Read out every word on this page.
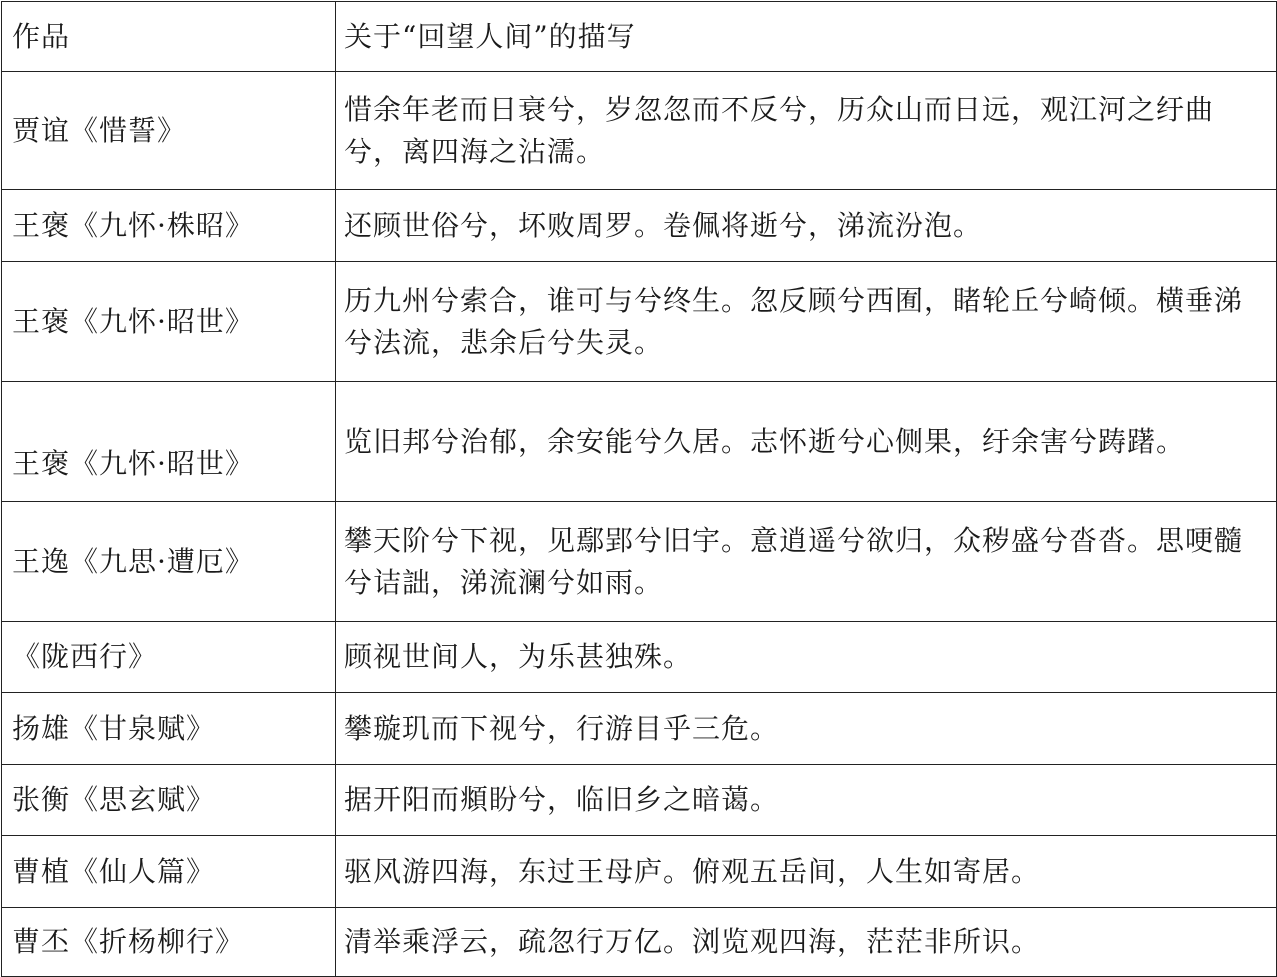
作品	关于“回望人间”的描写
贾谊《惜誓》	惜余年老而日衰兮，岁忽忽而不反兮，历众山而日远，观江河之纡曲兮，离四海之沾濡。
王褒《九怀·株昭》	还顾世俗兮，坏败周罗。卷佩将逝兮，涕流汾泡。
王褒《九怀·昭世》	历九州兮索合，谁可与兮终生。忽反顾兮西囿，睹轮丘兮崎倾。横垂涕兮法流，悲余后兮失灵。
王褒《九怀·昭世》	览旧邦兮治郁，余安能兮久居。志怀逝兮心侧果，纡余害兮踌躇。
王逸《九思·遭厄》	攀天阶兮下视，见鄢郢兮旧宇。意逍遥兮欲归，众秽盛兮沓沓。思哽髓兮诘詘，涕流澜兮如雨。
《陇西行》	顾视世间人，为乐甚独殊。
扬雄《甘泉赋》	攀璇玑而下视兮，行游目乎三危。
张衡《思玄赋》	据开阳而頫盼兮，临旧乡之暗蔼。
曹植《仙人篇》	驱风游四海，东过王母庐。俯观五岳间，人生如寄居。
曹丕《折杨柳行》	清举乘浮云，疏忽行万亿。浏览观四海，茫茫非所识。
